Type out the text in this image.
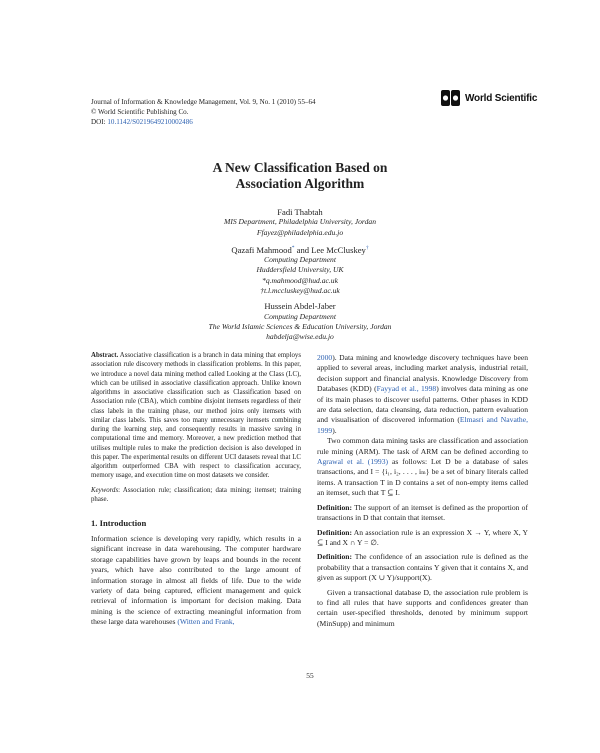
Journal of Information & Knowledge Management, Vol. 9, No. 1 (2010) 55–64
© World Scientific Publishing Co.
DOI: 10.1142/S0219649210002486
World Scientific
A New Classification Based on
Association Algorithm
Fadi Thabtah
MIS Department, Philadelphia University, Jordan
Ffayez@philadelphia.edu.jo
Qazafi Mahmood* and Lee McCluskey†
Computing Department
Huddersfield University, UK
*q.mahmood@hud.ac.uk
†t.l.mccluskey@hud.ac.uk
Hussein Abdel-Jaber
Computing Department
The World Islamic Sciences & Education University, Jordan
habdelja@wise.edu.jo

Abstract. Associative classification is a branch in data mining that employs association rule discovery methods in classification problems. In this paper, we introduce a novel data mining method called Looking at the Class (LC), which can be utilised in associative classification approach. Unlike known algorithms in associative classification such as Classification based on Association rule (CBA), which combine disjoint itemsets regardless of their class labels in the training phase, our method joins only itemsets with similar class labels. This saves too many unnecessary itemsets combining during the learning step, and consequently results in massive saving in computational time and memory. Moreover, a new prediction method that utilises multiple rules to make the prediction decision is also developed in this paper. The experimental results on different UCI datasets reveal that LC algorithm outperformed CBA with respect to classification accuracy, memory usage, and execution time on most datasets we consider.

Keywords: Association rule; classification; data mining; itemset; training phase.

1. Introduction

Information science is developing very rapidly, which results in a significant increase in data warehousing. The computer hardware storage capabilities have grown by leaps and bounds in the recent years, which have also contributed to the large amount of information storage in almost all fields of life. Due to the wide variety of data being captured, efficient management and quick retrieval of information is important for decision making. Data mining is the science of extracting meaningful information from these large data warehouses (Witten and Frank,

2000). Data mining and knowledge discovery techniques have been applied to several areas, including market analysis, industrial retail, decision support and financial analysis. Knowledge Discovery from Databases (KDD) (Fayyad et al., 1998) involves data mining as one of its main phases to discover useful patterns. Other phases in KDD are data selection, data cleansing, data reduction, pattern evaluation and visualisation of discovered information (Elmasri and Navathe, 1999).

Two common data mining tasks are classification and association rule mining (ARM). The task of ARM can be defined according to Agrawal et al. (1993) as follows: Let D be a database of sales transactions, and I = {i₁, i₂, . . . , iₘ} be a set of binary literals called items. A transaction T in D contains a set of non-empty items called an itemset, such that T ⊆ I.

Definition: The support of an itemset is defined as the proportion of transactions in D that contain that itemset.

Definition: An association rule is an expression X → Y, where X, Y ⊆ I and X ∩ Y = ∅.

Definition: The confidence of an association rule is defined as the probability that a transaction contains Y given that it contains X, and given as support (X ∪ Y)/support(X).

Given a transactional database D, the association rule problem is to find all rules that have supports and confidences greater than certain user-specified thresholds, denoted by minimum support (MinSupp) and minimum

55
